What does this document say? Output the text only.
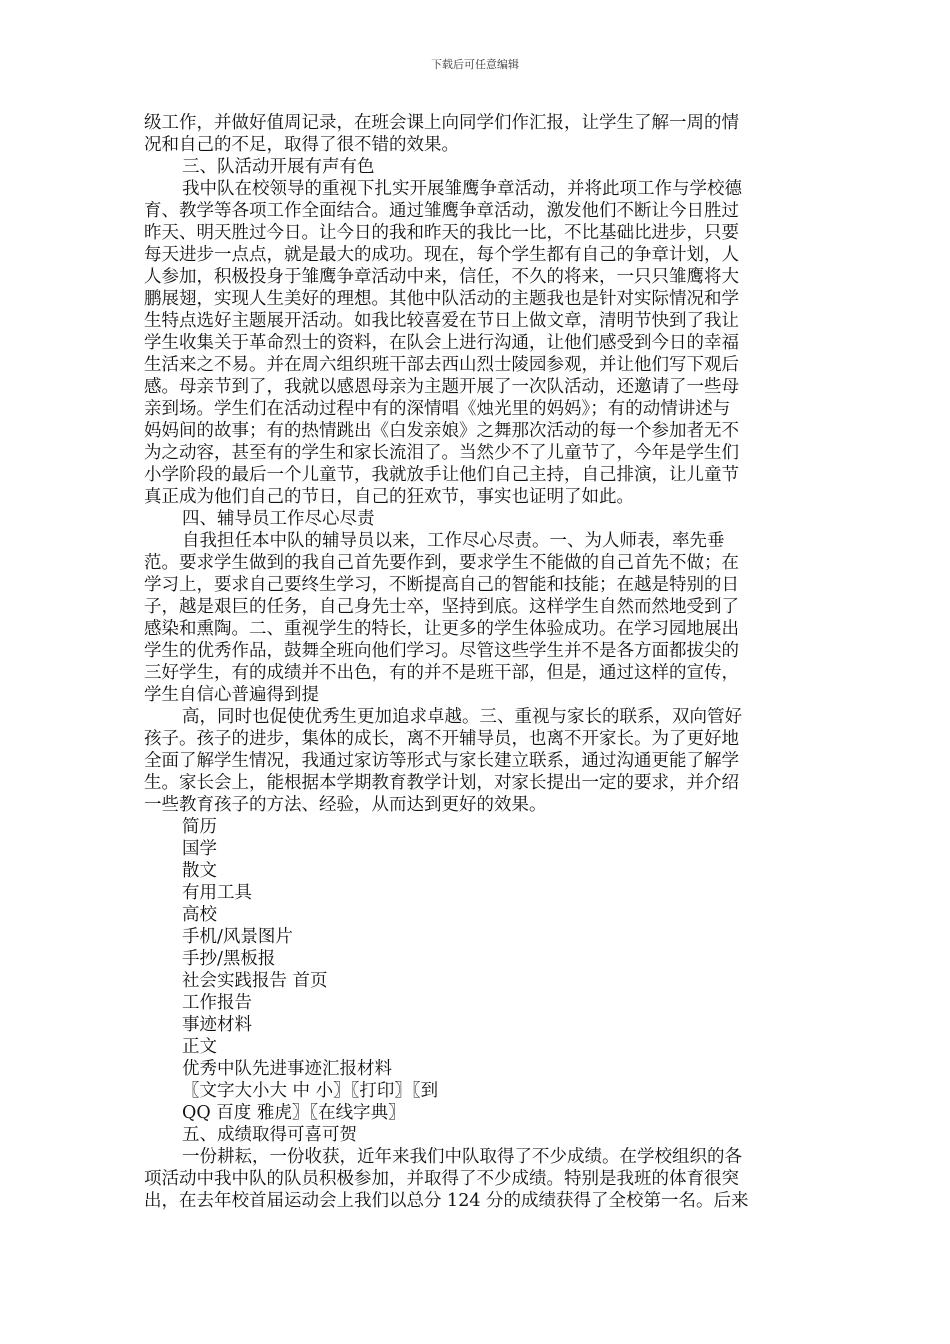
下载后可任意编辑
级工作，并做好值周记录，在班会课上向同学们作汇报，让学生了解一周的情
况和自己的不足，取得了很不错的效果。
三、队活动开展有声有色
我中队在校领导的重视下扎实开展雏鹰争章活动，并将此项工作与学校德
育、教学等各项工作全面结合。通过雏鹰争章活动，激发他们不断让今日胜过
昨天、明天胜过今日。让今日的我和昨天的我比一比，不比基础比进步，只要
每天进步一点点，就是最大的成功。现在，每个学生都有自己的争章计划，人
人参加，积极投身于雏鹰争章活动中来，信任，不久的将来，一只只雏鹰将大
鹏展翅，实现人生美好的理想。其他中队活动的主题我也是针对实际情况和学
生特点选好主题展开活动。如我比较喜爱在节日上做文章，清明节快到了我让
学生收集关于革命烈士的资料，在队会上进行沟通，让他们感受到今日的幸福
生活来之不易。并在周六组织班干部去西山烈士陵园参观，并让他们写下观后
感。母亲节到了，我就以感恩母亲为主题开展了一次队活动，还邀请了一些母
亲到场。学生们在活动过程中有的深情唱《烛光里的妈妈》；有的动情讲述与
妈妈间的故事；有的热情跳出《白发亲娘》之舞那次活动的每一个参加者无不
为之动容，甚至有的学生和家长流泪了。当然少不了儿童节了，今年是学生们
小学阶段的最后一个儿童节，我就放手让他们自己主持，自己排演，让儿童节
真正成为他们自己的节日，自己的狂欢节，事实也证明了如此。
四、辅导员工作尽心尽责
自我担任本中队的辅导员以来，工作尽心尽责。一、为人师表，率先垂
范。要求学生做到的我自己首先要作到，要求学生不能做的自己首先不做；在
学习上，要求自己要终生学习，不断提高自己的智能和技能；在越是特别的日
子，越是艰巨的任务，自己身先士卒，坚持到底。这样学生自然而然地受到了
感染和熏陶。二、重视学生的特长，让更多的学生体验成功。在学习园地展出
学生的优秀作品，鼓舞全班向他们学习。尽管这些学生并不是各方面都拔尖的
三好学生，有的成绩并不出色，有的并不是班干部，但是，通过这样的宣传，
学生自信心普遍得到提
高，同时也促使优秀生更加追求卓越。三、重视与家长的联系，双向管好
孩子。孩子的进步，集体的成长，离不开辅导员，也离不开家长。为了更好地
全面了解学生情况，我通过家访等形式与家长建立联系，通过沟通更能了解学
生。家长会上，能根据本学期教育教学计划，对家长提出一定的要求，并介绍
一些教育孩子的方法、经验，从而达到更好的效果。
简历
国学
散文
有用工具
高校
手机/风景图片
手抄/黑板报
社会实践报告 首页
工作报告
事迹材料
正文
优秀中队先进事迹汇报材料
〖文字大小大 中 小〗〖打印〗〖到
QQ 百度 雅虎〗〖在线字典〗
五、成绩取得可喜可贺
一份耕耘，一份收获，近年来我们中队取得了不少成绩。在学校组织的各
项活动中我中队的队员积极参加，并取得了不少成绩。特别是我班的体育很突
出，在去年校首届运动会上我们以总分 124 分的成绩获得了全校第一名。后来
